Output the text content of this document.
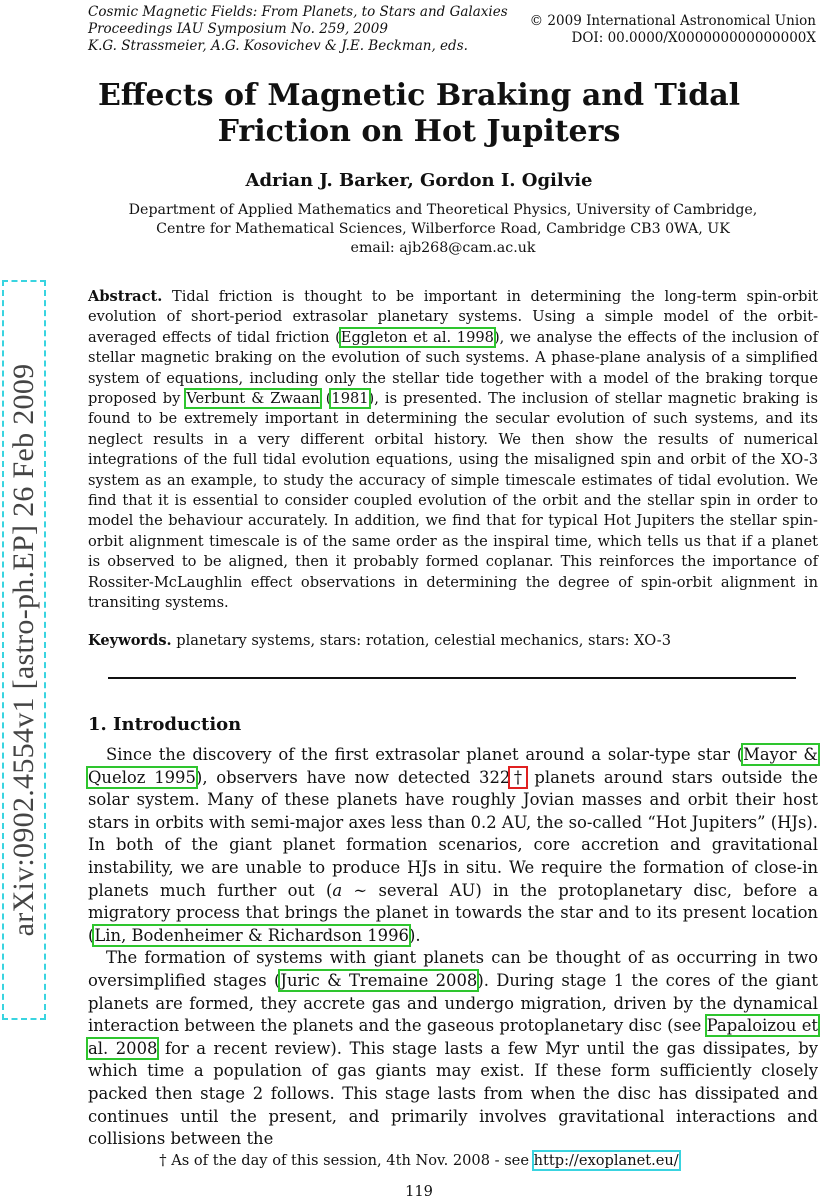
Cosmic Magnetic Fields: From Planets, to Stars and Galaxies
Proceedings IAU Symposium No. 259, 2009
K.G. Strassmeier, A.G. Kosovichev & J.E. Beckman, eds.
© 2009 International Astronomical Union
DOI: 00.0000/X000000000000000X
Effects of Magnetic Braking and Tidal
Friction on Hot Jupiters
Adrian J. Barker, Gordon I. Ogilvie
Department of Applied Mathematics and Theoretical Physics, University of Cambridge,
Centre for Mathematical Sciences, Wilberforce Road, Cambridge CB3 0WA, UK
email: ajb268@cam.ac.uk
arXiv:0902.4554v1 [astro-ph.EP] 26 Feb 2009
Abstract. Tidal friction is thought to be important in determining the long-term spin-orbit evolution of short-period extrasolar planetary systems. Using a simple model of the orbit-averaged effects of tidal friction (Eggleton et al. 1998), we analyse the effects of the inclusion of stellar magnetic braking on the evolution of such systems. A phase-plane analysis of a simplified system of equations, including only the stellar tide together with a model of the braking torque proposed by Verbunt & Zwaan (1981), is presented. The inclusion of stellar magnetic braking is found to be extremely important in determining the secular evolution of such systems, and its neglect results in a very different orbital history. We then show the results of numerical integrations of the full tidal evolution equations, using the misaligned spin and orbit of the XO-3 system as an example, to study the accuracy of simple timescale estimates of tidal evolution. We find that it is essential to consider coupled evolution of the orbit and the stellar spin in order to model the behaviour accurately. In addition, we find that for typical Hot Jupiters the stellar spin-orbit alignment timescale is of the same order as the inspiral time, which tells us that if a planet is observed to be aligned, then it probably formed coplanar. This reinforces the importance of Rossiter-McLaughlin effect observations in determining the degree of spin-orbit alignment in transiting systems.
Keywords. planetary systems, stars: rotation, celestial mechanics, stars: XO-3
1. Introduction

Since the discovery of the first extrasolar planet around a solar-type star (Mayor & Queloz 1995), observers have now detected 322† planets around stars outside the solar system. Many of these planets have roughly Jovian masses and orbit their host stars in orbits with semi-major axes less than 0.2 AU, the so-called “Hot Jupiters” (HJs). In both of the giant planet formation scenarios, core accretion and gravitational instability, we are unable to produce HJs in situ. We require the formation of close-in planets much further out (a ∼ several AU) in the protoplanetary disc, before a migratory process that brings the planet in towards the star and to its present location (Lin, Bodenheimer & Richardson 1996).

The formation of systems with giant planets can be thought of as occurring in two oversimplified stages (Juric & Tremaine 2008). During stage 1 the cores of the giant planets are formed, they accrete gas and undergo migration, driven by the dynamical interaction between the planets and the gaseous protoplanetary disc (see Papaloizou et al. 2008 for a recent review). This stage lasts a few Myr until the gas dissipates, by which time a population of gas giants may exist. If these form sufficiently closely packed then stage 2 follows. This stage lasts from when the disc has dissipated and continues until the present, and primarily involves gravitational interactions and collisions between the

† As of the day of this session, 4th Nov. 2008 - see http://exoplanet.eu/
119
